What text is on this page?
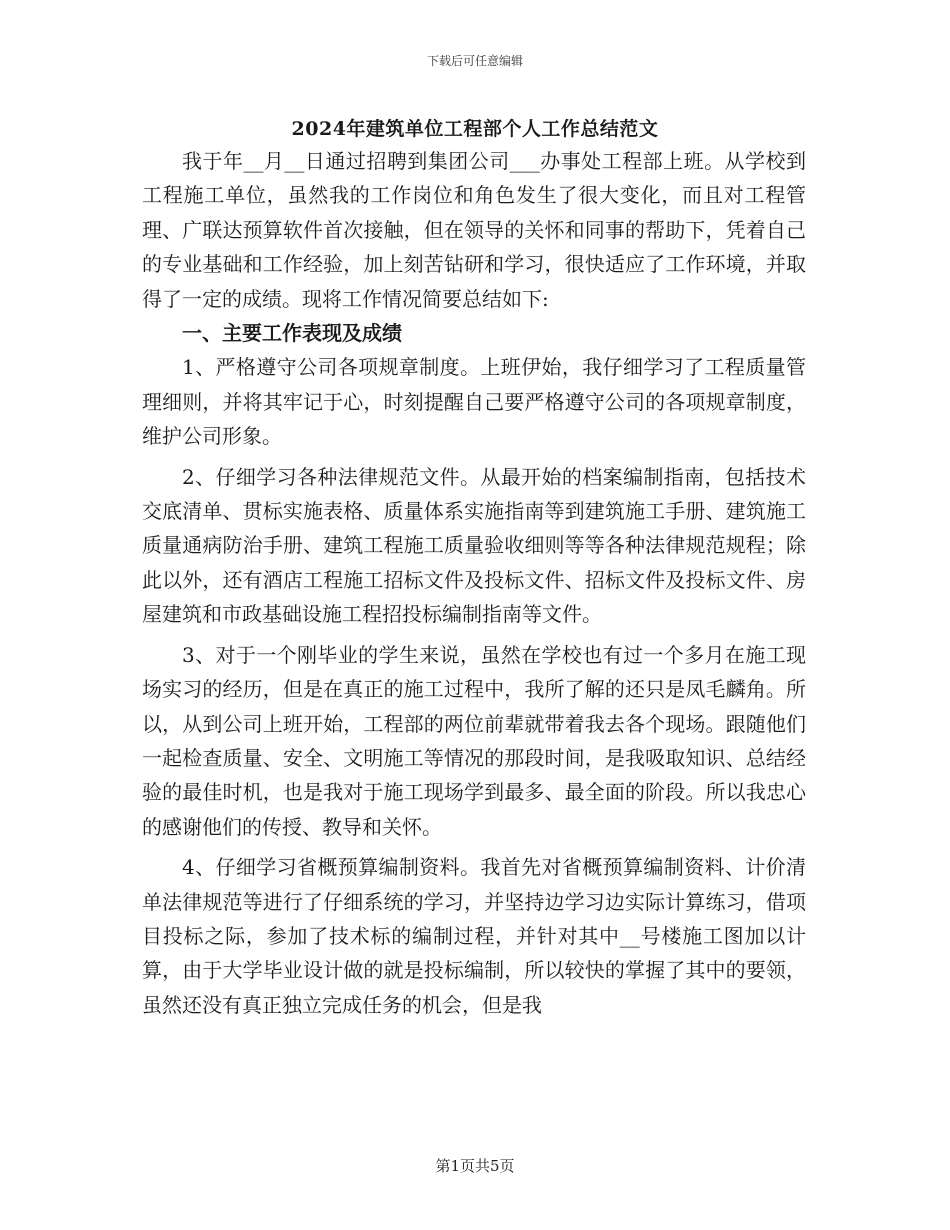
下载后可任意编辑
2024年建筑单位工程部个人工作总结范文

我于年__月__日通过招聘到集团公司___办事处工程部上班。从学校到工程施工单位，虽然我的工作岗位和角色发生了很大变化，而且对工程管理、广联达预算软件首次接触，但在领导的关怀和同事的帮助下，凭着自己的专业基础和工作经验，加上刻苦钻研和学习，很快适应了工作环境，并取得了一定的成绩。现将工作情况简要总结如下:

一、主要工作表现及成绩

1、严格遵守公司各项规章制度。上班伊始，我仔细学习了工程质量管理细则，并将其牢记于心，时刻提醒自己要严格遵守公司的各项规章制度，维护公司形象。

2、仔细学习各种法律规范文件。从最开始的档案编制指南，包括技术交底清单、贯标实施表格、质量体系实施指南等到建筑施工手册、建筑施工质量通病防治手册、建筑工程施工质量验收细则等等各种法律规范规程；除此以外，还有酒店工程施工招标文件及投标文件、招标文件及投标文件、房屋建筑和市政基础设施工程招投标编制指南等文件。

3、对于一个刚毕业的学生来说，虽然在学校也有过一个多月在施工现场实习的经历，但是在真正的施工过程中，我所了解的还只是凤毛麟角。所以，从到公司上班开始，工程部的两位前辈就带着我去各个现场。跟随他们一起检查质量、安全、文明施工等情况的那段时间，是我吸取知识、总结经验的最佳时机，也是我对于施工现场学到最多、最全面的阶段。所以我忠心的感谢他们的传授、教导和关怀。

4、仔细学习省概预算编制资料。我首先对省概预算编制资料、计价清单法律规范等进行了仔细系统的学习，并坚持边学习边实际计算练习，借项目投标之际，参加了技术标的编制过程，并针对其中__号楼施工图加以计算，由于大学毕业设计做的就是投标编制，所以较快的掌握了其中的要领，虽然还没有真正独立完成任务的机会，但是我

第1页共5页
